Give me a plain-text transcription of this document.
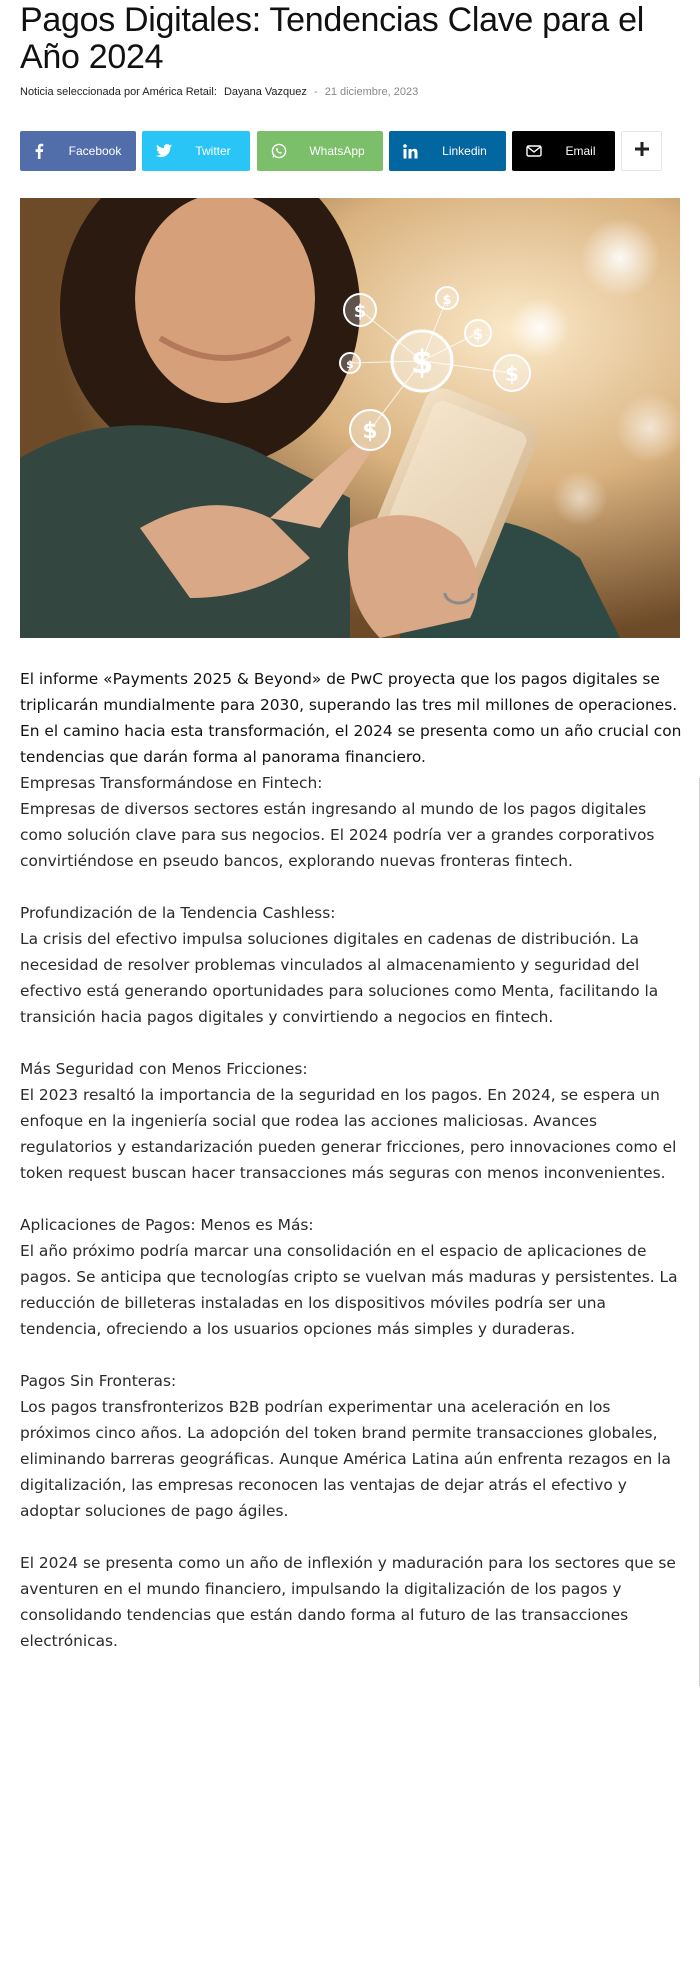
Pagos Digitales: Tendencias Clave para el Año 2024
Noticia seleccionada por América Retail: Dayana Vazquez - 21 diciembre, 2023
Facebook	Twitter	WhatsApp	Linkedin	Email
$
$
$
$
$
$
$

El informe «Payments 2025 & Beyond» de PwC proyecta que los pagos digitales se triplicarán mundialmente para 2030, superando las tres mil millones de operaciones. En el camino hacia esta transformación, el 2024 se presenta como un año crucial con tendencias que darán forma al panorama financiero.

Empresas Transformándose en Fintech:
Empresas de diversos sectores están ingresando al mundo de los pagos digitales como solución clave para sus negocios. El 2024 podría ver a grandes corporativos convirtiéndose en pseudo bancos, explorando nuevas fronteras fintech.

Profundización de la Tendencia Cashless:
La crisis del efectivo impulsa soluciones digitales en cadenas de distribución. La necesidad de resolver problemas vinculados al almacenamiento y seguridad del efectivo está generando oportunidades para soluciones como Menta, facilitando la transición hacia pagos digitales y convirtiendo a negocios en fintech.

Más Seguridad con Menos Fricciones:
El 2023 resaltó la importancia de la seguridad en los pagos. En 2024, se espera un enfoque en la ingeniería social que rodea las acciones maliciosas. Avances regulatorios y estandarización pueden generar fricciones, pero innovaciones como el token request buscan hacer transacciones más seguras con menos inconvenientes.

Aplicaciones de Pagos: Menos es Más:
El año próximo podría marcar una consolidación en el espacio de aplicaciones de pagos. Se anticipa que tecnologías cripto se vuelvan más maduras y persistentes. La reducción de billeteras instaladas en los dispositivos móviles podría ser una tendencia, ofreciendo a los usuarios opciones más simples y duraderas.

Pagos Sin Fronteras:
Los pagos transfronterizos B2B podrían experimentar una aceleración en los próximos cinco años. La adopción del token brand permite transacciones globales, eliminando barreras geográficas. Aunque América Latina aún enfrenta rezagos en la digitalización, las empresas reconocen las ventajas de dejar atrás el efectivo y adoptar soluciones de pago ágiles.

El 2024 se presenta como un año de inflexión y maduración para los sectores que se aventuren en el mundo financiero, impulsando la digitalización de los pagos y consolidando tendencias que están dando forma al futuro de las transacciones electrónicas.
